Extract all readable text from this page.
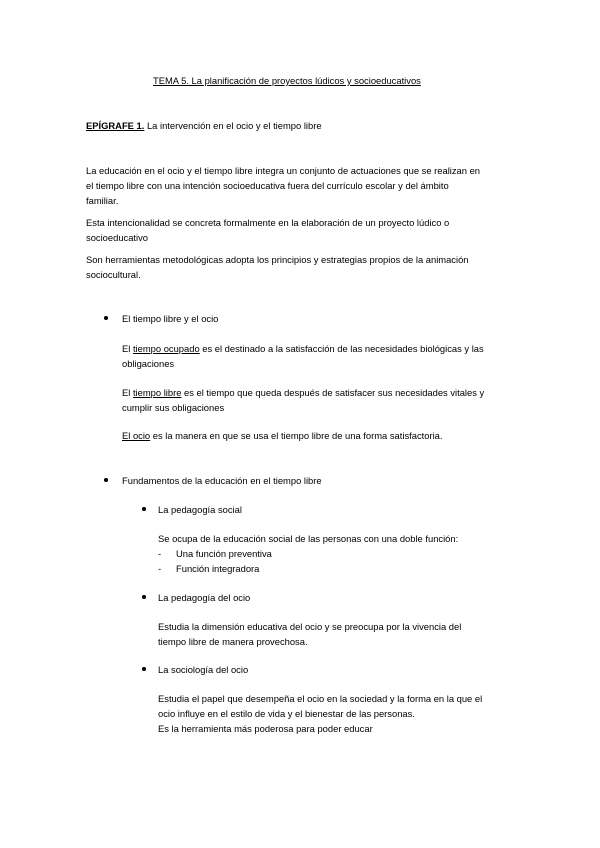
TEMA 5. La planificación de proyectos lúdicos y socioeducativos

EPÍGRAFE 1. La intervención en el ocio y el tiempo libre

La educación en el ocio y el tiempo libre integra un conjunto de actuaciones que se realizan en

el tiempo libre con una intención socioeducativa fuera del currículo escolar y del ámbito

familiar.

Esta intencionalidad se concreta formalmente en la elaboración de un proyecto lúdico o

socioeducativo

Son herramientas metodológicas adopta los principios y estrategias propios de la animación

sociocultural.

El tiempo libre y el ocio

El tiempo ocupado es el destinado a la satisfacción de las necesidades biológicas y las

obligaciones

El tiempo libre es el tiempo que queda después de satisfacer sus necesidades vitales y

cumplir sus obligaciones

El ocio es la manera en que se usa el tiempo libre de una forma satisfactoria.

Fundamentos de la educación en el tiempo libre

La pedagogía social

Se ocupa de la educación social de las personas con una doble función:

- Una función preventiva

- Función integradora

La pedagogía del ocio

Estudia la dimensión educativa del ocio y se preocupa por la vivencia del

tiempo libre de manera provechosa.

La sociología del ocio

Estudia el papel que desempeña el ocio en la sociedad y la forma en la que el

ocio influye en el estilo de vida y el bienestar de las personas.

Es la herramienta más poderosa para poder educar
